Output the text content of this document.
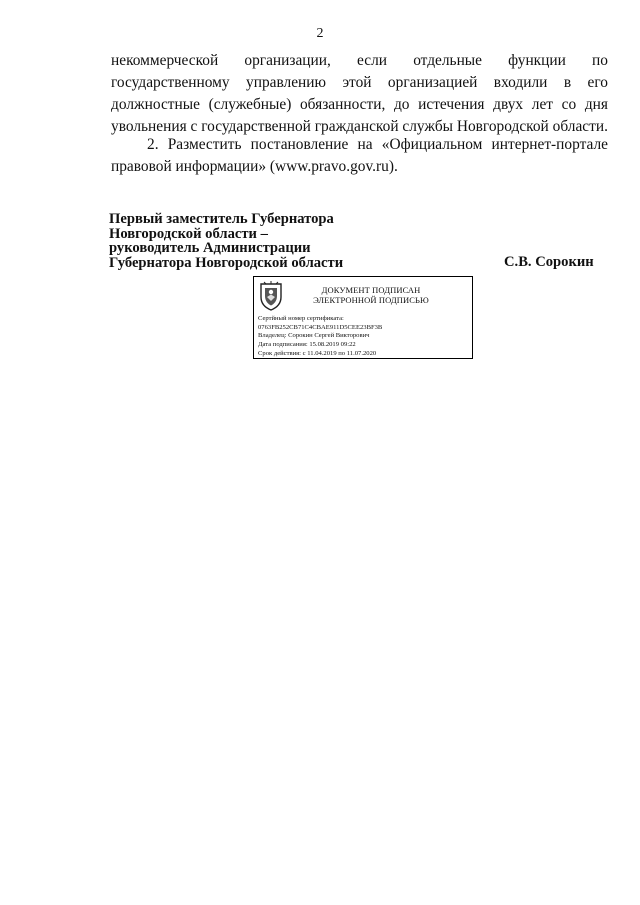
2
некоммерческой организации, если отдельные функции по государственному управлению этой организацией входили в его должностные (служебные) обязанности, до истечения двух лет со дня увольнения с государственной гражданской службы Новгородской области.
2. Разместить постановление на «Официальном интернет-портале правовой информации» (www.pravo.gov.ru).
Первый заместитель Губернатора
Новгородской области –
руководитель Администрации
Губернатора Новгородской области	С.В. Сорокин
ДОКУМЕНТ ПОДПИСАН
ЭЛЕКТРОННОЙ ПОДПИСЬЮ
Сертйный номер сертификата:
0763FB252CB71C4CBAE911D5CEE23BF3B
Владелец: Сорокин Сергей Викторович
Дата подписания: 15.08.2019 09:22
Срок действия: с 11.04.2019 по 11.07.2020
